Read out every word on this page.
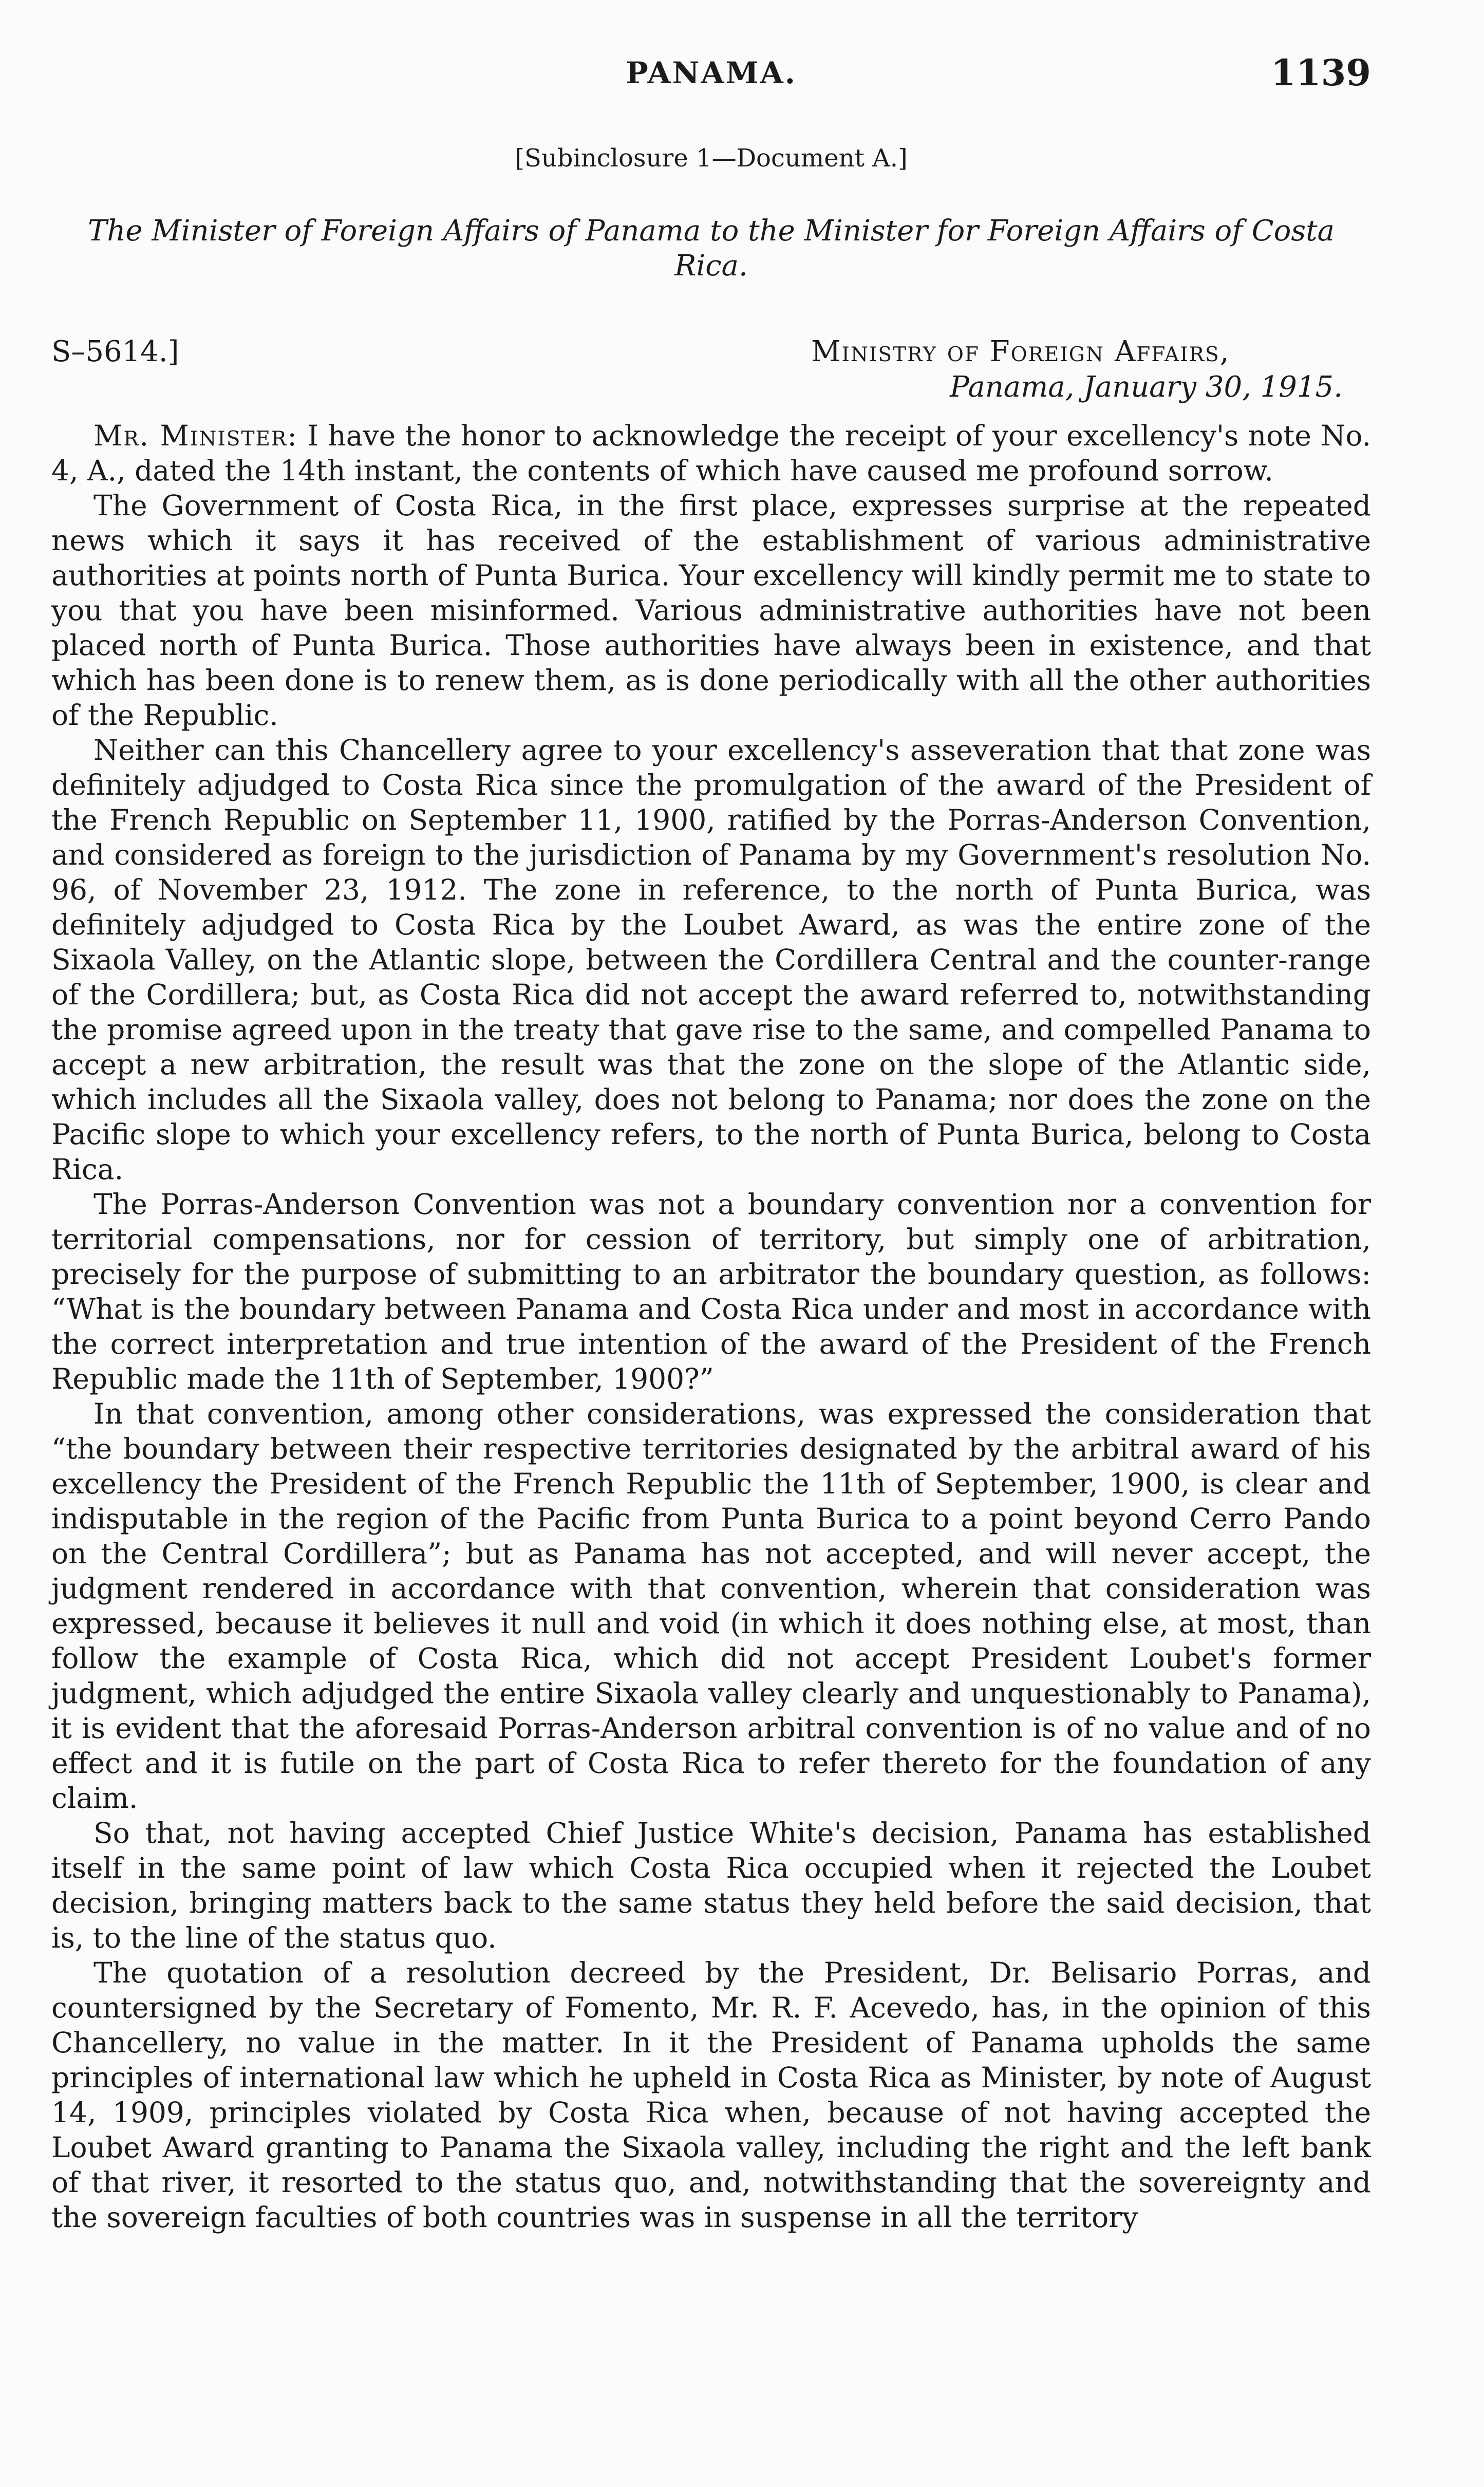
PANAMA.	1139
[Subinclosure 1—Document A.]
The Minister of Foreign Affairs of Panama to the Minister for Foreign Affairs of Costa Rica.
S–5614.]	Ministry of Foreign Affairs,
Panama, January 30, 1915.

Mr. Minister: I have the honor to acknowledge the receipt of your excellency's note No. 4, A., dated the 14th instant, the contents of which have caused me profound sorrow.

The Government of Costa Rica, in the first place, expresses surprise at the repeated news which it says it has received of the establishment of various administrative authorities at points north of Punta Burica. Your excellency will kindly permit me to state to you that you have been misinformed. Various administrative authorities have not been placed north of Punta Burica. Those authorities have always been in existence, and that which has been done is to renew them, as is done periodically with all the other authorities of the Republic.

Neither can this Chancellery agree to your excellency's asseveration that that zone was definitely adjudged to Costa Rica since the promulgation of the award of the President of the French Republic on September 11, 1900, ratified by the Porras-Anderson Convention, and considered as foreign to the jurisdiction of Panama by my Government's resolution No. 96, of November 23, 1912. The zone in reference, to the north of Punta Burica, was definitely adjudged to Costa Rica by the Loubet Award, as was the entire zone of the Sixaola Valley, on the Atlantic slope, between the Cordillera Central and the counter-range of the Cordillera; but, as Costa Rica did not accept the award referred to, notwithstanding the promise agreed upon in the treaty that gave rise to the same, and compelled Panama to accept a new arbitration, the result was that the zone on the slope of the Atlantic side, which includes all the Sixaola valley, does not belong to Panama; nor does the zone on the Pacific slope to which your excellency refers, to the north of Punta Burica, belong to Costa Rica.

The Porras-Anderson Convention was not a boundary convention nor a convention for territorial compensations, nor for cession of territory, but simply one of arbitration, precisely for the purpose of submitting to an arbitrator the boundary question, as follows: “What is the boundary between Panama and Costa Rica under and most in accordance with the correct interpretation and true intention of the award of the President of the French Republic made the 11th of September, 1900?”

In that convention, among other considerations, was expressed the consideration that “the boundary between their respective territories designated by the arbitral award of his excellency the President of the French Republic the 11th of September, 1900, is clear and indisputable in the region of the Pacific from Punta Burica to a point beyond Cerro Pando on the Central Cordillera”; but as Panama has not accepted, and will never accept, the judgment rendered in accordance with that convention, wherein that consideration was expressed, because it believes it null and void (in which it does nothing else, at most, than follow the example of Costa Rica, which did not accept President Loubet's former judgment, which adjudged the entire Sixaola valley clearly and unquestionably to Panama), it is evident that the aforesaid Porras-Anderson arbitral convention is of no value and of no effect and it is futile on the part of Costa Rica to refer thereto for the foundation of any claim.

So that, not having accepted Chief Justice White's decision, Panama has established itself in the same point of law which Costa Rica occupied when it rejected the Loubet decision, bringing matters back to the same status they held before the said decision, that is, to the line of the status quo.

The quotation of a resolution decreed by the President, Dr. Belisario Porras, and countersigned by the Secretary of Fomento, Mr. R. F. Acevedo, has, in the opinion of this Chancellery, no value in the matter. In it the President of Panama upholds the same principles of international law which he upheld in Costa Rica as Minister, by note of August 14, 1909, principles violated by Costa Rica when, because of not having accepted the Loubet Award granting to Panama the Sixaola valley, including the right and the left bank of that river, it resorted to the status quo, and, notwithstanding that the sovereignty and the sovereign faculties of both countries was in suspense in all the territory
